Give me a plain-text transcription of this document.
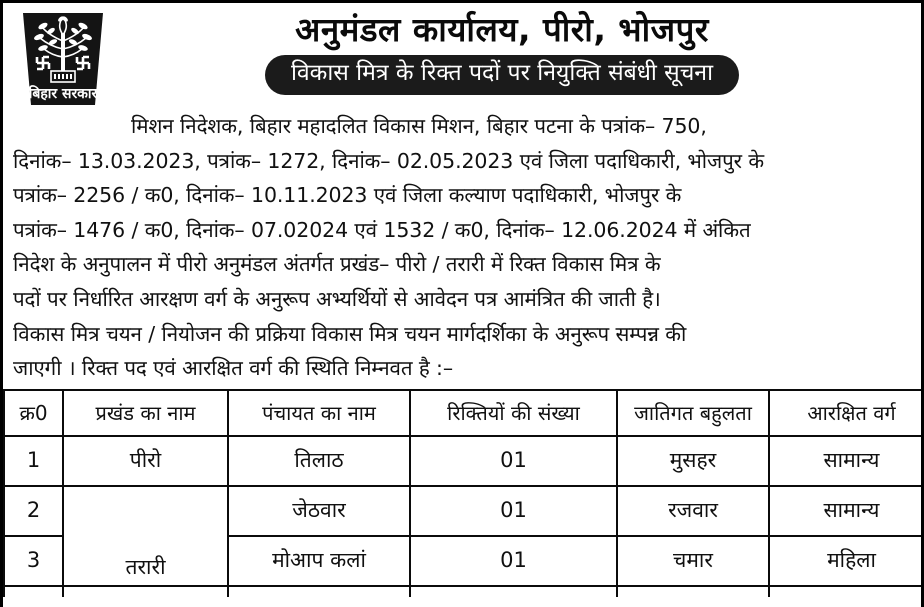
बिहार सरकार
अनुमंडल कार्यालय, पीरो, भोजपुर
विकास मित्र के रिक्त पदों पर नियुक्ति संबंधी सूचना
मिशन निदेशक, बिहार महादलित विकास मिशन, बिहार पटना के पत्रांक– 750,
दिनांक– 13.03.2023, पत्रांक– 1272, दिनांक– 02.05.2023 एवं जिला पदाधिकारी, भोजपुर के
पत्रांक– 2256 / क0, दिनांक– 10.11.2023 एवं जिला कल्याण पदाधिकारी, भोजपुर के
पत्रांक– 1476 / क0, दिनांक– 07.02024 एवं 1532 / क0, दिनांक– 12.06.2024 में अंकित
निदेश के अनुपालन में पीरो अनुमंडल अंतर्गत प्रखंड– पीरो / तरारी में रिक्त विकास मित्र के
पदों पर निर्धारित आरक्षण वर्ग के अनुरूप अभ्यर्थियों से आवेदन पत्र आमंत्रित की जाती है।
विकास मित्र चयन / नियोजन की प्रक्रिया विकास मित्र चयन मार्गदर्शिका के अनुरूप सम्पन्न की
जाएगी । रिक्त पद एवं आरक्षित वर्ग की स्थिति निम्नवत है :–
क्र0	प्रखंड का नाम	पंचायत का नाम	रिक्तियों की संख्या	जातिगत बहुलता	आरक्षित वर्ग
1	पीरो	तिलाठ	01	मुसहर	सामान्य
2	तरारी	जेठवार	01	रजवार	सामान्य
3		मोआप कलां	01	चमार	महिला
